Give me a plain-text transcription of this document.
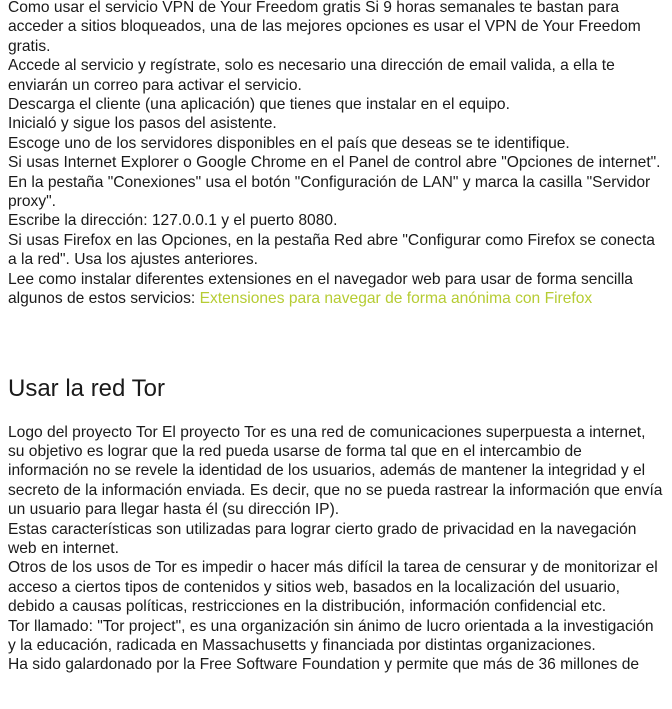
Como usar el servicio VPN de Your Freedom gratis Si 9 horas semanales te bastan para acceder a sitios bloqueados, una de las mejores opciones es usar el VPN de Your Freedom gratis.

Accede al servicio y regístrate, solo es necesario una dirección de email valida, a ella te enviarán un correo para activar el servicio.

Descarga el cliente (una aplicación) que tienes que instalar en el equipo.

Inicialó y sigue los pasos del asistente.

Escoge uno de los servidores disponibles en el país que deseas se te identifique.

Si usas Internet Explorer o Google Chrome en el Panel de control abre "Opciones de internet".

En la pestaña "Conexiones" usa el botón "Configuración de LAN" y marca la casilla "Servidor proxy".

Escribe la dirección: 127.0.0.1 y el puerto 8080.

Si usas Firefox en las Opciones, en la pestaña Red abre "Configurar como Firefox se conecta a la red". Usa los ajustes anteriores.

Lee como instalar diferentes extensiones en el navegador web para usar de forma sencilla algunos de estos servicios: Extensiones para navegar de forma anónima con Firefox

Usar la red Tor

Logo del proyecto Tor El proyecto Tor es una red de comunicaciones superpuesta a internet, su objetivo es lograr que la red pueda usarse de forma tal que en el intercambio de información no se revele la identidad de los usuarios, además de mantener la integridad y el secreto de la información enviada. Es decir, que no se pueda rastrear la información que envía un usuario para llegar hasta él (su dirección IP).

Estas características son utilizadas para lograr cierto grado de privacidad en la navegación web en internet.

Otros de los usos de Tor es impedir o hacer más difícil la tarea de censurar y de monitorizar el acceso a ciertos tipos de contenidos y sitios web, basados en la localización del usuario, debido a causas políticas, restricciones en la distribución, información confidencial etc.

Tor llamado: "Tor project", es una organización sin ánimo de lucro orientada a la investigación y la educación, radicada en Massachusetts y financiada por distintas organizaciones.

Ha sido galardonado por la Free Software Foundation y permite que más de 36 millones de
